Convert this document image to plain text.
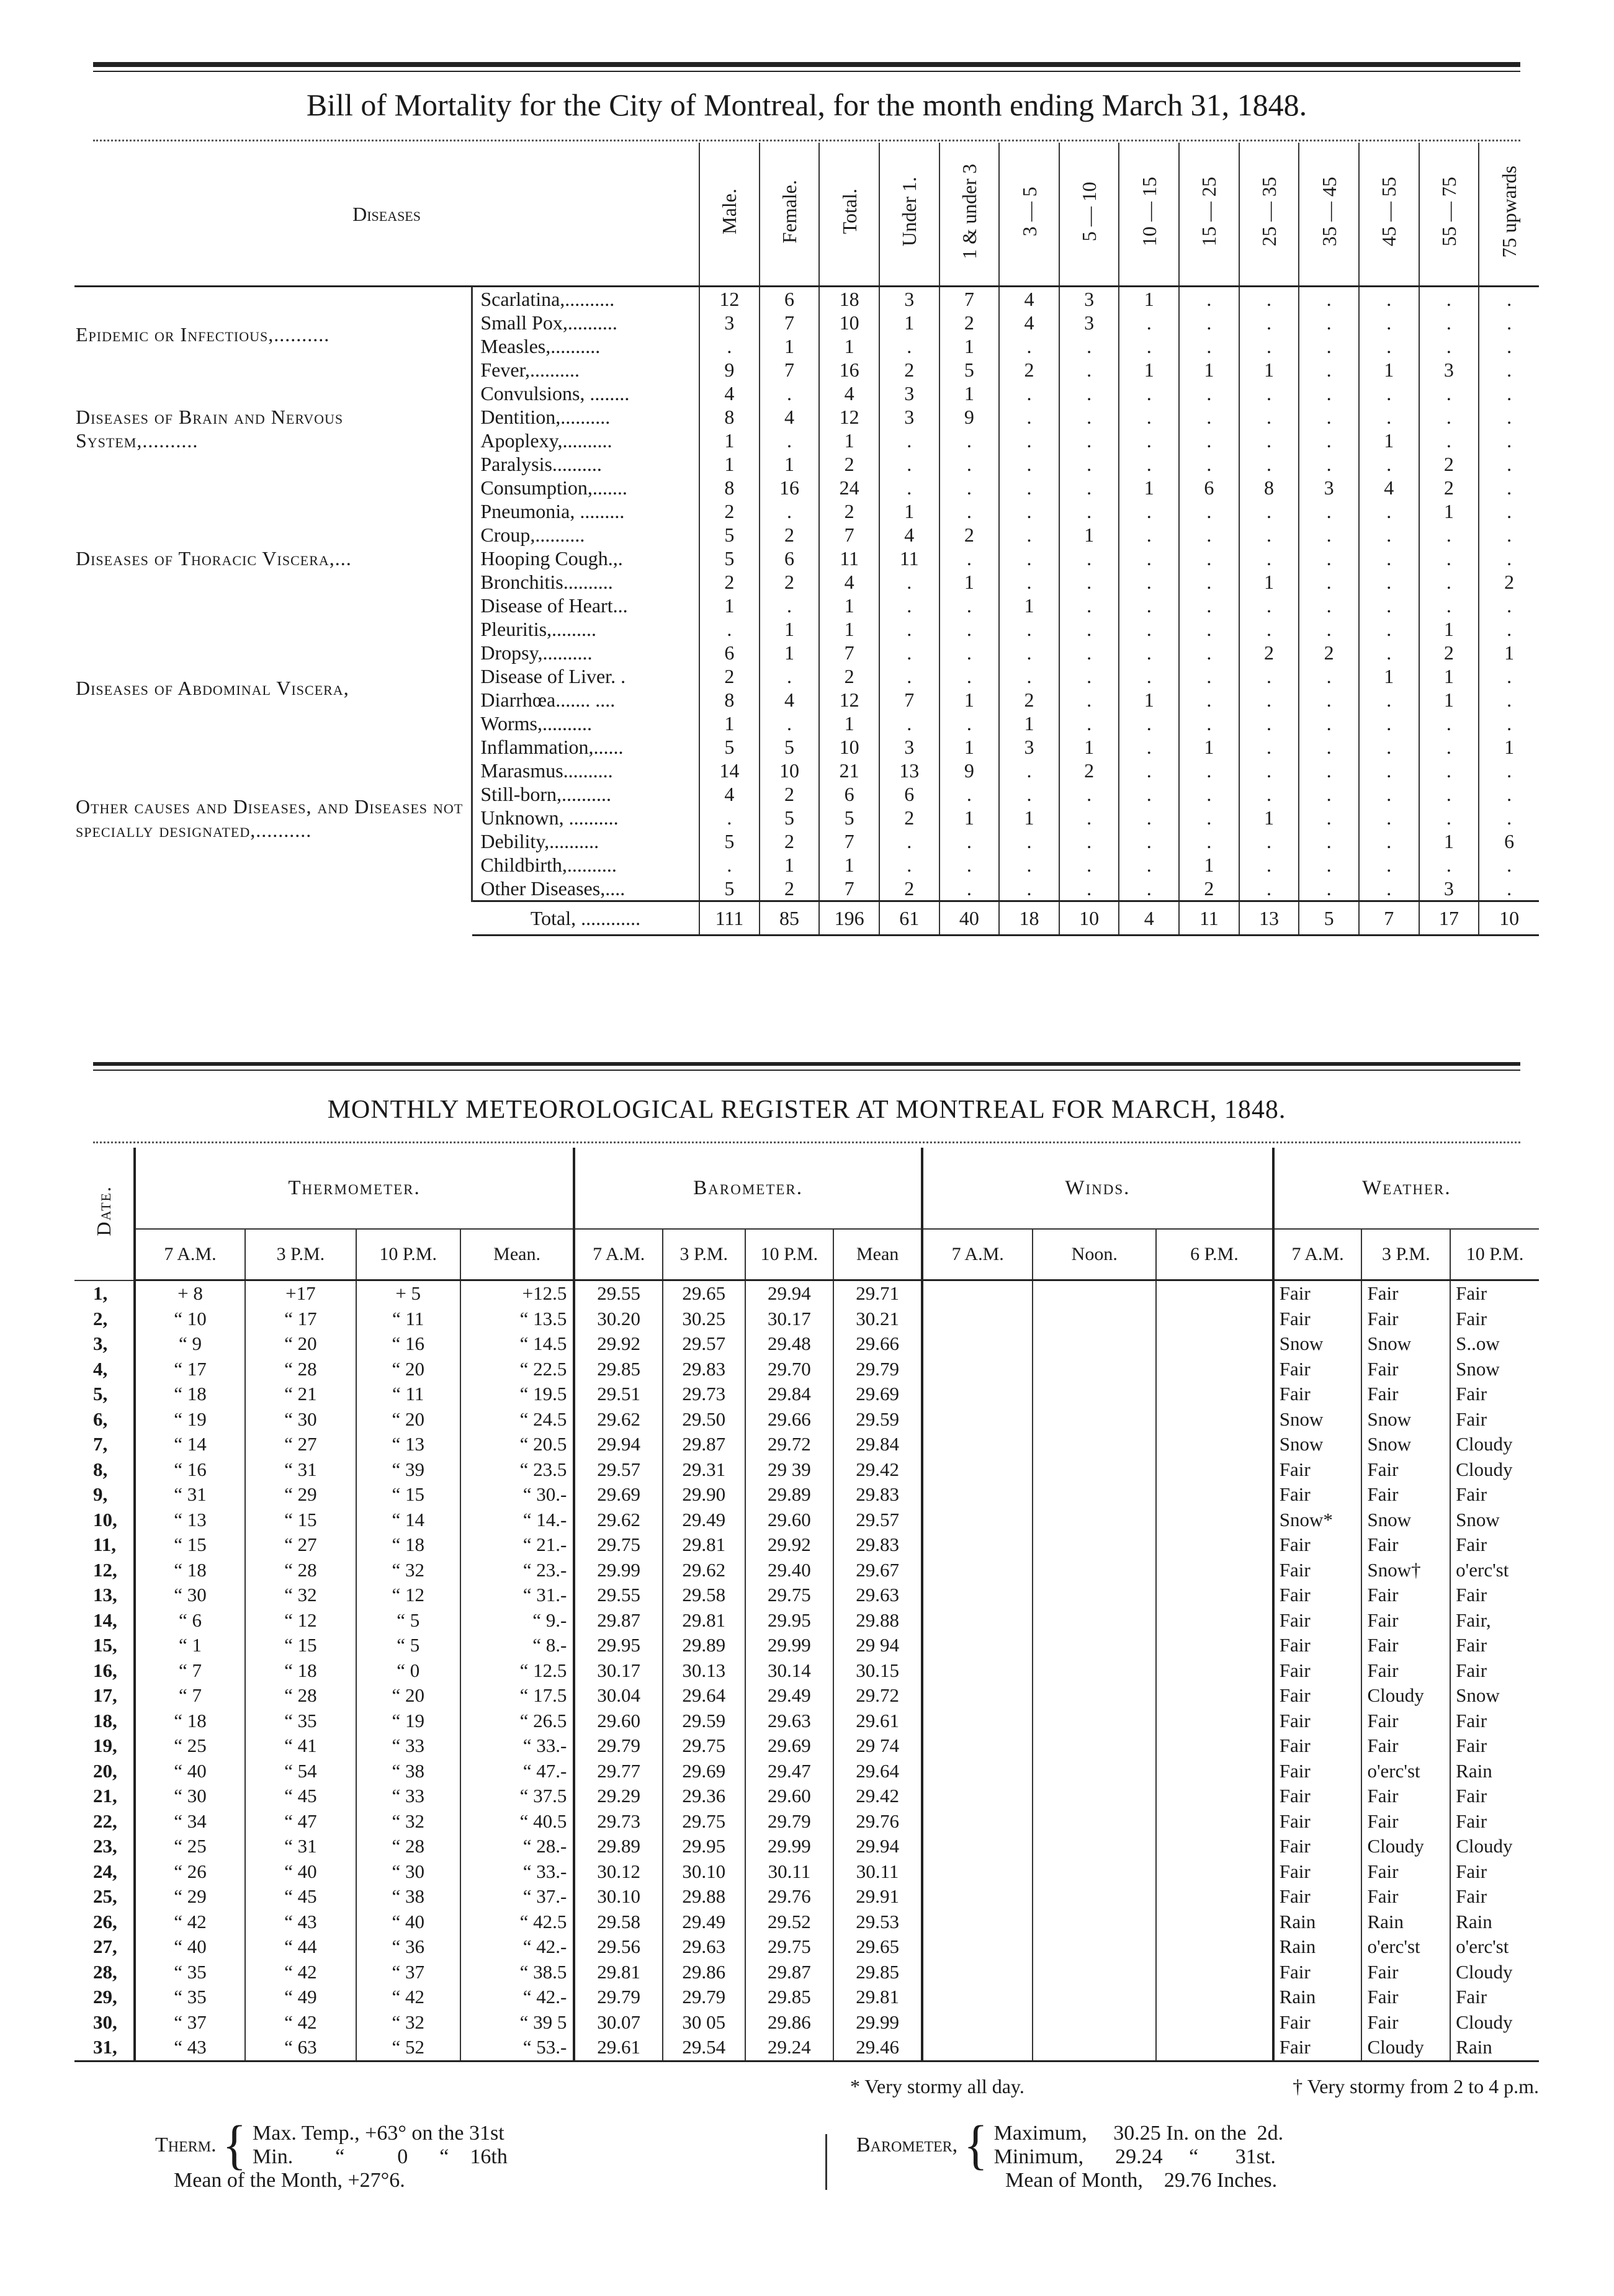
Bill of Mortality for the City of Montreal, for the month ending March 31, 1848.
Diseases		Male.	Female.	Total.	Under 1.	1 & under 3	3 — 5	5 — 10	10 — 15	15 — 25	25 — 35	35 — 45	45 — 55	55 — 75	75 upwards
Epidemic or Infectious,..........	Scarlatina,..........	12	6	18	3	7	4	3	1	.	.	.	.	.	.
	Small Pox,..........	3	7	10	1	2	4	3	.	.	.	.	.	.	.
	Measles,..........	.	1	1	.	1	.	.	.	.	.	.	.	.	.
	Fever,..........	9	7	16	2	5	2	.	1	1	1	.	1	3	.
Diseases of Brain and Nervous System,..........	Convulsions, ........	4	.	4	3	1	.	.	.	.	.	.	.	.	.
	Dentition,..........	8	4	12	3	9	.	.	.	.	.	.	.	.	.
	Apoplexy,..........	1	.	1	.	.	.	.	.	.	.	.	1	.	.
	Paralysis..........	1	1	2	.	.	.	.	.	.	.	.	.	2	.
Diseases of Thoracic Viscera,...	Consumption,.......	8	16	24	.	.	.	.	1	6	8	3	4	2	.
	Pneumonia, .........	2	.	2	1	.	.	.	.	.	.	.	.	1	.
	Croup,..........	5	2	7	4	2	.	1	.	.	.	.	.	.	.
	Hooping Cough.,.	5	6	11	11	.	.	.	.	.	.	.	.	.	.
	Bronchitis..........	2	2	4	.	1	.	.	.	.	1	.	.	.	2
	Disease of Heart...	1	.	1	.	.	1	.	.	.	.	.	.	.	.
	Pleuritis,.........	.	1	1	.	.	.	.	.	.	.	.	.	1	.
Diseases of Abdominal Viscera,	Dropsy,..........	6	1	7	.	.	.	.	.	.	2	2	.	2	1
	Disease of Liver. .	2	.	2	.	.	.	.	.	.	.	.	1	1	.
	Diarrhœa....... ....	8	4	12	7	1	2	.	1	.	.	.	.	1	.
	Worms,..........	1	.	1	.	.	1	.	.	.	.	.	.	.	.
Other causes and Diseases, and Diseases not specially designated,..........	Inflammation,......	5	5	10	3	1	3	1	.	1	.	.	.	.	1
	Marasmus..........	14	10	21	13	9	.	2	.	.	.	.	.	.	.
	Still-born,..........	4	2	6	6	.	.	.	.	.	.	.	.	.	.
	Unknown, ..........	.	5	5	2	1	1	.	.	.	1	.	.	.	.
	Debility,..........	5	2	7	.	.	.	.	.	.	.	.	.	1	6
	Childbirth,..........	.	1	1	.	.	.	.	.	1	.	.	.	.	.
	Other Diseases,....	5	2	7	2	.	.	.	.	2	.	.	.	3	.
	Total, ............	111	85	196	61	40	18	10	4	11	13	5	7	17	10
MONTHLY METEOROLOGICAL REGISTER AT MONTREAL FOR MARCH, 1848.
Date.	Thermometer.				Barometer.				Winds.			Weather.		
	7 A.M.	3 P.M.	10 P.M.	Mean.	7 A.M.	3 P.M.	10 P.M.	Mean	7 A.M.	Noon.	6 P.M.	7 A.M.	3 P.M.	10 P.M.
1,	+ 8	+17	+ 5	+12.5	29.55	29.65	29.94	29.71				Fair	Fair	Fair
2,	“ 10	“ 17	“ 11	“ 13.5	30.20	30.25	30.17	30.21				Fair	Fair	Fair
3,	“ 9	“ 20	“ 16	“ 14.5	29.92	29.57	29.48	29.66				Snow	Snow	S..ow
4,	“ 17	“ 28	“ 20	“ 22.5	29.85	29.83	29.70	29.79				Fair	Fair	Snow
5,	“ 18	“ 21	“ 11	“ 19.5	29.51	29.73	29.84	29.69				Fair	Fair	Fair
6,	“ 19	“ 30	“ 20	“ 24.5	29.62	29.50	29.66	29.59				Snow	Snow	Fair
7,	“ 14	“ 27	“ 13	“ 20.5	29.94	29.87	29.72	29.84				Snow	Snow	Cloudy
8,	“ 16	“ 31	“ 39	“ 23.5	29.57	29.31	29 39	29.42				Fair	Fair	Cloudy
9,	“ 31	“ 29	“ 15	“ 30.-	29.69	29.90	29.89	29.83				Fair	Fair	Fair
10,	“ 13	“ 15	“ 14	“ 14.-	29.62	29.49	29.60	29.57				Snow*	Snow	Snow
11,	“ 15	“ 27	“ 18	“ 21.-	29.75	29.81	29.92	29.83				Fair	Fair	Fair
12,	“ 18	“ 28	“ 32	“ 23.-	29.99	29.62	29.40	29.67				Fair	Snow†	o'erc'st
13,	“ 30	“ 32	“ 12	“ 31.-	29.55	29.58	29.75	29.63				Fair	Fair	Fair
14,	“ 6	“ 12	“ 5	“ 9.-	29.87	29.81	29.95	29.88				Fair	Fair	Fair,
15,	“ 1	“ 15	“ 5	“ 8.-	29.95	29.89	29.99	29 94				Fair	Fair	Fair
16,	“ 7	“ 18	“ 0	“ 12.5	30.17	30.13	30.14	30.15				Fair	Fair	Fair
17,	“ 7	“ 28	“ 20	“ 17.5	30.04	29.64	29.49	29.72				Fair	Cloudy	Snow
18,	“ 18	“ 35	“ 19	“ 26.5	29.60	29.59	29.63	29.61				Fair	Fair	Fair
19,	“ 25	“ 41	“ 33	“ 33.-	29.79	29.75	29.69	29 74				Fair	Fair	Fair
20,	“ 40	“ 54	“ 38	“ 47.-	29.77	29.69	29.47	29.64				Fair	o'erc'st	Rain
21,	“ 30	“ 45	“ 33	“ 37.5	29.29	29.36	29.60	29.42				Fair	Fair	Fair
22,	“ 34	“ 47	“ 32	“ 40.5	29.73	29.75	29.79	29.76				Fair	Fair	Fair
23,	“ 25	“ 31	“ 28	“ 28.-	29.89	29.95	29.99	29.94				Fair	Cloudy	Cloudy
24,	“ 26	“ 40	“ 30	“ 33.-	30.12	30.10	30.11	30.11				Fair	Fair	Fair
25,	“ 29	“ 45	“ 38	“ 37.-	30.10	29.88	29.76	29.91				Fair	Fair	Fair
26,	“ 42	“ 43	“ 40	“ 42.5	29.58	29.49	29.52	29.53				Rain	Rain	Rain
27,	“ 40	“ 44	“ 36	“ 42.-	29.56	29.63	29.75	29.65				Rain	o'erc'st	o'erc'st
28,	“ 35	“ 42	“ 37	“ 38.5	29.81	29.86	29.87	29.85				Fair	Fair	Cloudy
29,	“ 35	“ 49	“ 42	“ 42.-	29.79	29.79	29.85	29.81				Rain	Fair	Fair
30,	“ 37	“ 42	“ 32	“ 39 5	30.07	30 05	29.86	29.99				Fair	Fair	Cloudy
31,	“ 43	“ 63	“ 52	“ 53.-	29.61	29.54	29.24	29.46				Fair	Cloudy	Rain
* Very stormy all day.	† Very stormy from 2 to 4 p.m.
Therm. { Max. Temp., +63° on the 31st
Min.        “          0      “    16th
Mean of the Month, +27°6.
Barometer, { Maximum,     30.25 In. on the  2d.
Minimum,      29.24     “       31st.
Mean of Month,    29.76 Inches.
